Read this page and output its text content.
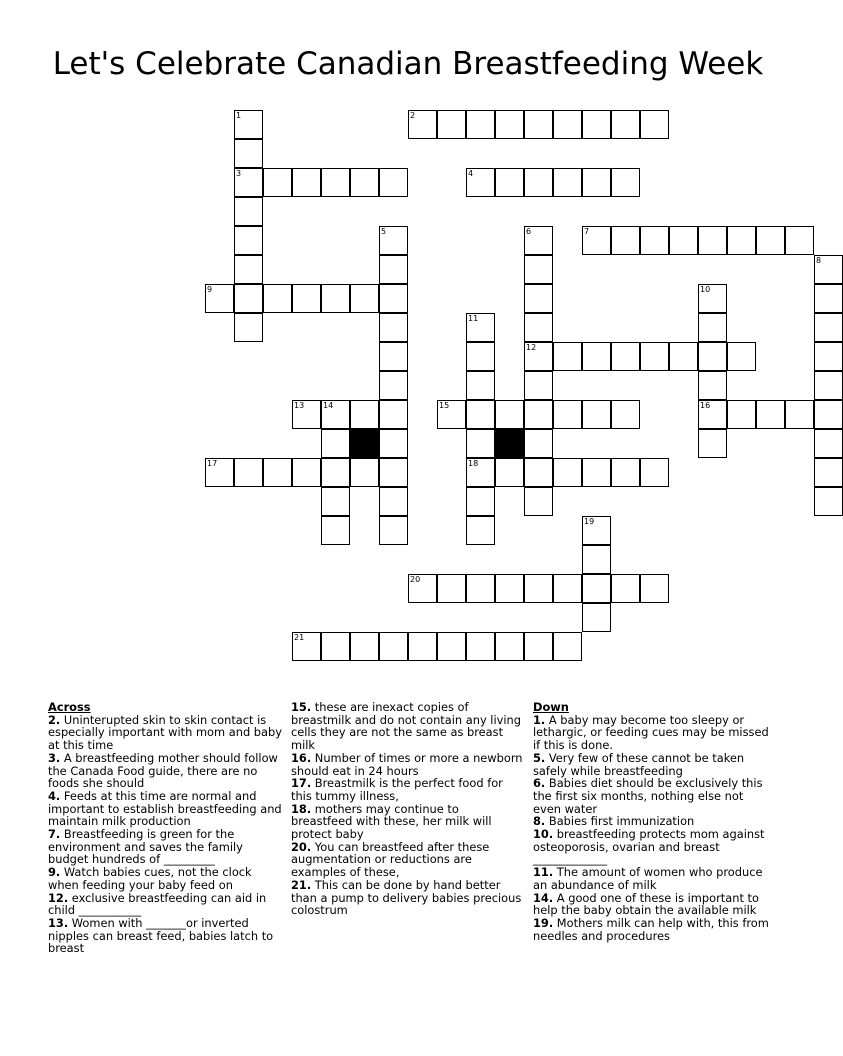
Let's Celebrate Canadian Breastfeeding Week
1
3
9
5
2
4
6
12
7
8
10
16
11
18
13 14	15
17
19
20
21
Across
2. Uninterupted skin to skin contact is especially important with mom and baby at this time
3. A breastfeeding mother should follow the Canada Food guide, there are no foods she should
4. Feeds at this time are normal and important to establish breastfeeding and maintain milk production
7. Breastfeeding is green for the environment and saves the family budget hundreds of _________
9. Watch babies cues, not the clock when feeding your baby feed on
12. exclusive breastfeeding can aid in child ___________
13. Women with _______or inverted nipples can breast feed, babies latch to breast
15. these are inexact copies of breastmilk and do not contain any living cells they are not the same as breast milk
16. Number of times or more a newborn should eat in 24 hours
17. Breastmilk is the perfect food for this tummy illness,
18. mothers may continue to breastfeed with these, her milk will protect baby
20. You can breastfeed after these augmentation or reductions are examples of these,
21. This can be done by hand better than a pump to delivery babies precious colostrum
Down
1. A baby may become too sleepy or lethargic, or feeding cues may be missed if this is done.
5. Very few of these cannot be taken safely while breastfeeding
6. Babies diet should be exclusively this the first six months, nothing else not even water
8. Babies first immunization
10. breastfeeding protects mom against osteoporosis, ovarian and breast _____________
11. The amount of women who produce an abundance of milk
14. A good one of these is important to help the baby obtain the available milk
19. Mothers milk can help with, this from needles and procedures
